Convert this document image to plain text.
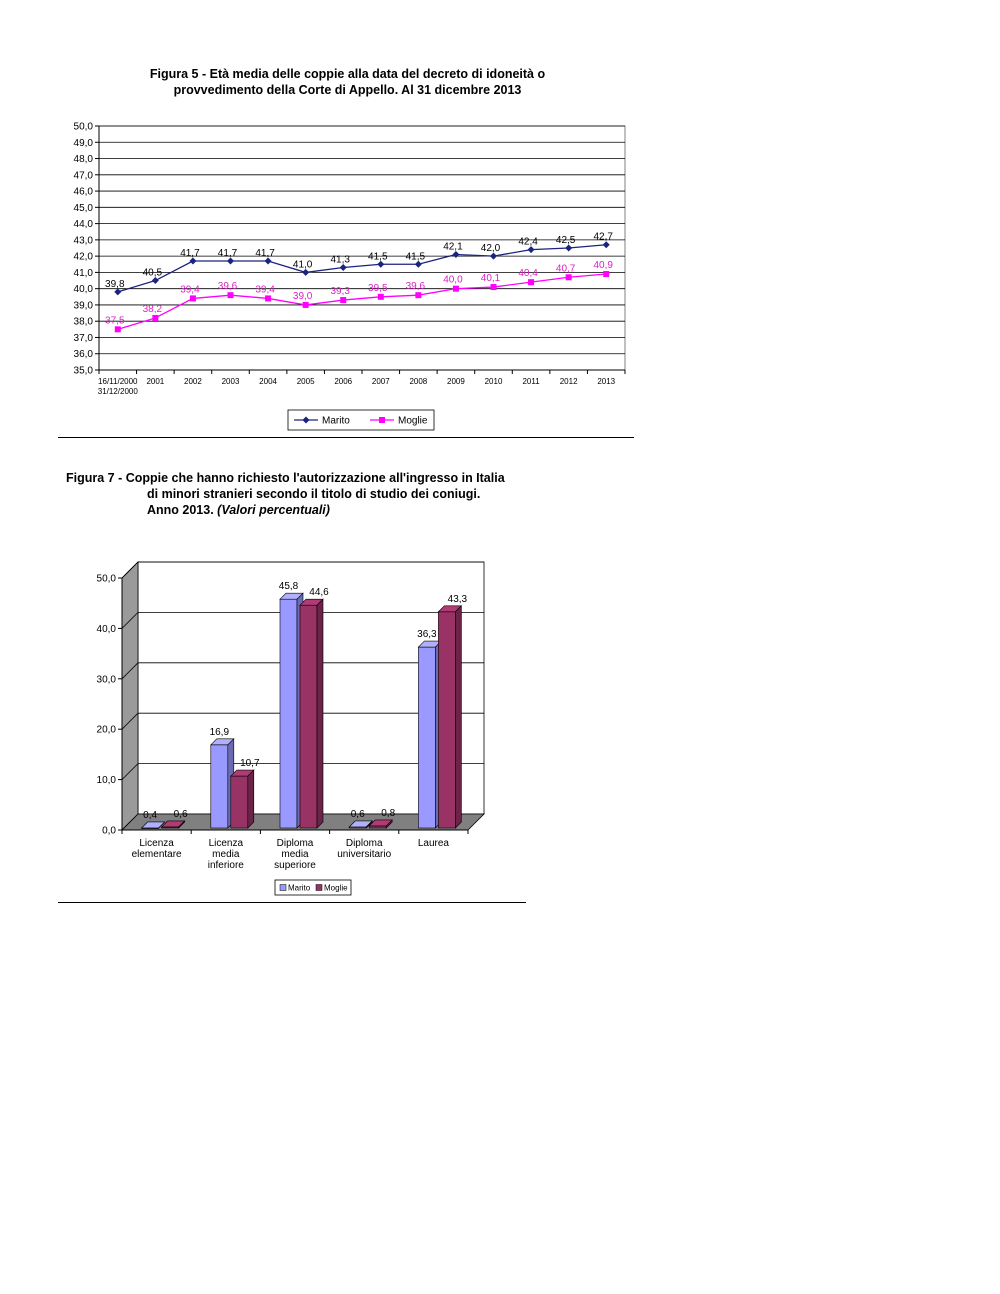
Figura 5 - Età media delle coppie alla data del decreto di idoneità o
provvedimento della Corte di Appello. Al 31 dicembre 2013
35,0
36,0
37,0
38,0
39,0
40,0
41,0
42,0
43,0
44,0
45,0
46,0
47,0
48,0
49,0
50,0
16/11/2000 31/12/2000
2001 2002 2003 2004 2005 2006 2007 2008 2009 2010	2011	2012 2013
39,8
40,5
41,7 41,7 41,7
41,0 41,3 41,5 41,5
42,1 42,0
42,4 42,5 42,7
37,5
38,2
39,4 39,6 39,4
39,0 39,3 39,5 39,6
40,0 40,1 40,4 40,7 40,9
Marito	Moglie
Figura 7 - Coppie che hanno richiesto l'autorizzazione all'ingresso in Italia
di minori stranieri secondo il titolo di studio dei coniugi.
Anno 2013. (Valori percentuali)
0,0
10,0
20,0
30,0
40,0
50,0
0,4 0,6
Licenza elementare
16,9
10,7
Licenza media inferiore
45,8
44,6
Diploma media superiore
0,6 0,8
Diploma universitario
36,3
43,3
Laurea
Marito Moglie
